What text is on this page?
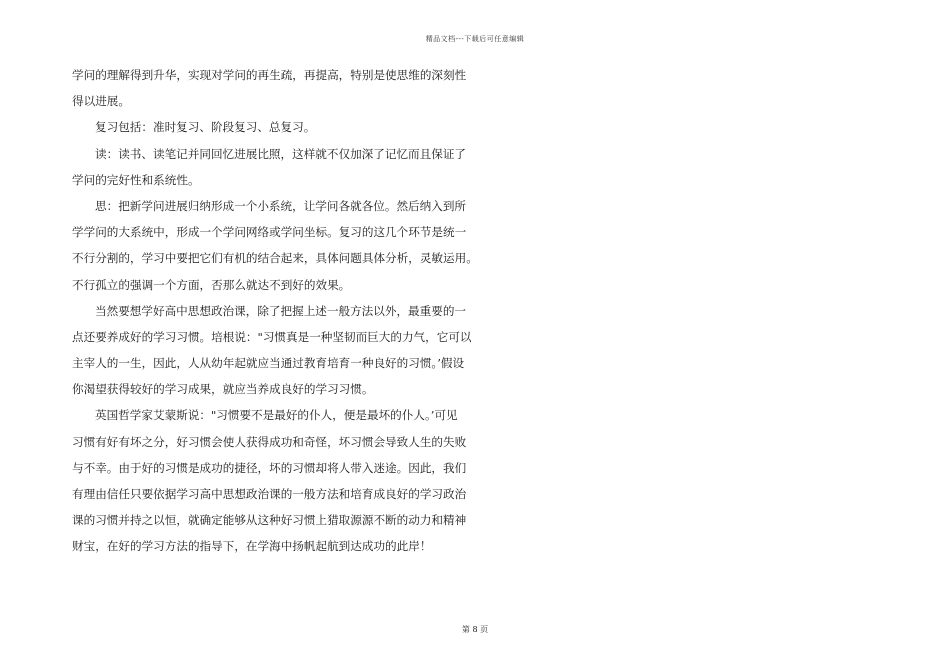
精品文档---下载后可任意编辑
学问的理解得到升华，实现对学问的再生疏，再提高，特别是使思维的深刻性
得以进展。
复习包括：准时复习、阶段复习、总复习。
读：读书、读笔记并同回忆进展比照，这样就不仅加深了记忆而且保证了
学问的完好性和系统性。
思：把新学问进展归纳形成一个小系统，让学问各就各位。然后纳入到所
学学问的大系统中，形成一个学问网络或学问坐标。复习的这几个环节是统一
不行分割的，学习中要把它们有机的结合起来，具体问题具体分析，灵敏运用。
不行孤立的强调一个方面，否那么就达不到好的效果。
当然要想学好高中思想政治课，除了把握上述一般方法以外，最重要的一
点还要养成好的学习习惯。培根说："习惯真是一种坚韧而巨大的力气，它可以
主宰人的一生，因此，人从幼年起就应当通过教育培育一种良好的习惯。’假设
你渴望获得较好的学习成果，就应当养成良好的学习习惯。
英国哲学家艾蒙斯说："习惯要不是最好的仆人，便是最坏的仆人。’可见
习惯有好有坏之分，好习惯会使人获得成功和奇怪，坏习惯会导致人生的失败
与不幸。由于好的习惯是成功的捷径，坏的习惯却将人带入迷途。因此，我们
有理由信任只要依据学习高中思想政治课的一般方法和培育成良好的学习政治
课的习惯并持之以恒，就确定能够从这种好习惯上猎取源源不断的动力和精神
财宝，在好的学习方法的指导下，在学海中扬帆起航到达成功的此岸！
第 8 页
